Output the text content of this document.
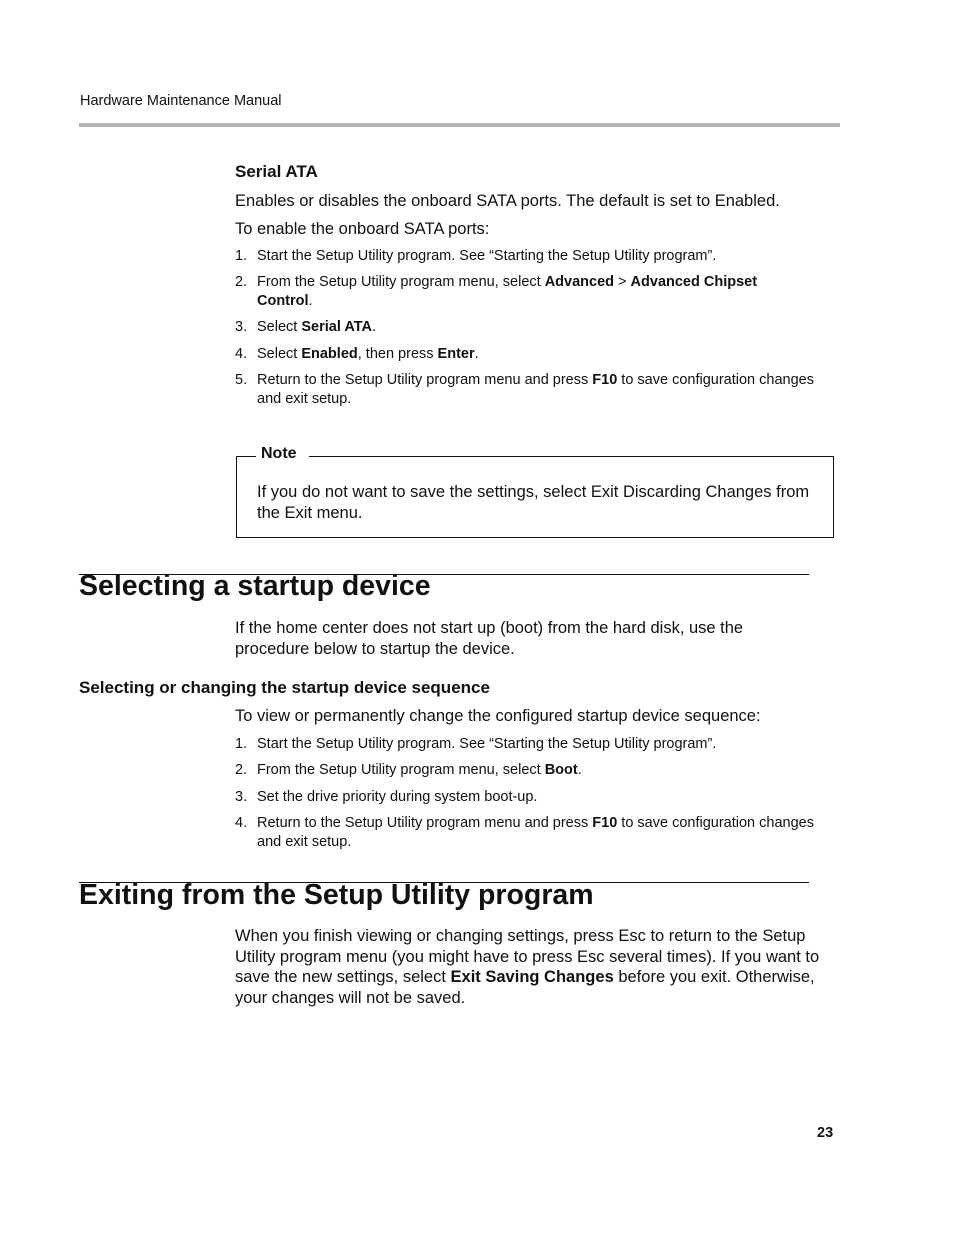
Hardware Maintenance Manual
Serial ATA
Enables or disables the onboard SATA ports. The default is set to Enabled.
To enable the onboard SATA ports:
1. Start the Setup Utility program. See “Starting the Setup Utility program”.
2. From the Setup Utility program menu, select Advanced > Advanced Chipset Control.
3. Select Serial ATA.
4. Select Enabled, then press Enter.
5. Return to the Setup Utility program menu and press F10 to save configuration changes and exit setup.
Note
If you do not want to save the settings, select Exit Discarding Changes from the Exit menu.
Selecting a startup device
If the home center does not start up (boot) from the hard disk, use the procedure below to startup the device.
Selecting or changing the startup device sequence
To view or permanently change the configured startup device sequence:
1. Start the Setup Utility program. See “Starting the Setup Utility program”.
2. From the Setup Utility program menu, select Boot.
3. Set the drive priority during system boot-up.
4. Return to the Setup Utility program menu and press F10 to save configuration changes and exit setup.
Exiting from the Setup Utility program
When you finish viewing or changing settings, press Esc to return to the Setup Utility program menu (you might have to press Esc several times). If you want to save the new settings, select Exit Saving Changes before you exit. Otherwise, your changes will not be saved.
23
